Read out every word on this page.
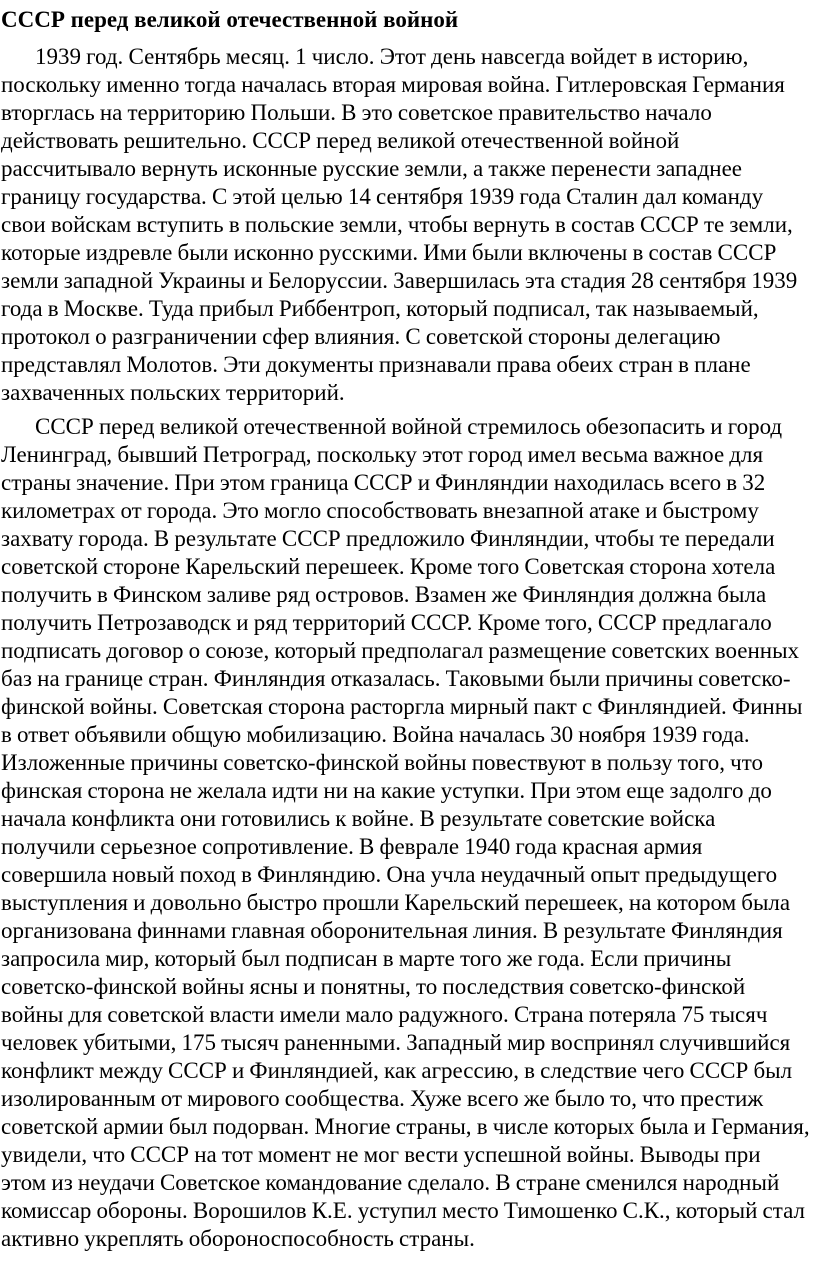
СССР перед великой отечественной войной

1939 год. Сентябрь месяц. 1 число. Этот день навсегда войдет в историю, поскольку именно тогда началась вторая мировая война. Гитлеровская Германия вторглась на территорию Польши. В это советское правительство начало действовать решительно. СССР перед великой отечественной войной рассчитывало вернуть исконные русские земли, а также перенести западнее границу государства. С этой целью 14 сентября 1939 года Сталин дал команду свои войскам вступить в польские земли, чтобы вернуть в состав СССР те земли, которые издревле были исконно русскими. Ими были включены в состав СССР земли западной Украины и Белоруссии. Завершилась эта стадия 28 сентября 1939 года в Москве. Туда прибыл Риббентроп, который подписал, так называемый, протокол о разграничении сфер влияния. С советской стороны делегацию представлял Молотов. Эти документы признавали права обеих стран в плане захваченных польских территорий.

СССР перед великой отечественной войной стремилось обезопасить и город Ленинград, бывший Петроград, поскольку этот город имел весьма важное для страны значение. При этом граница СССР и Финляндии находилась всего в 32 километрах от города. Это могло способствовать внезапной атаке и быстрому захвату города. В результате СССР предложило Финляндии, чтобы те передали советской стороне Карельский перешеек. Кроме того Советская сторона хотела получить в Финском заливе ряд островов. Взамен же Финляндия должна была получить Петрозаводск и ряд территорий СССР. Кроме того, СССР предлагало подписать договор о союзе, который предполагал размещение советских военных баз на границе стран. Финляндия отказалась. Таковыми были причины советско-финской войны. Советская сторона расторгла мирный пакт с Финляндией. Финны в ответ объявили общую мобилизацию. Война началась 30 ноября 1939 года. Изложенные причины советско-финской войны повествуют в пользу того, что финская сторона не желала идти ни на какие уступки. При этом еще задолго до начала конфликта они готовились к войне. В результате советские войска получили серьезное сопротивление. В феврале 1940 года красная армия совершила новый поход в Финляндию. Она учла неудачный опыт предыдущего выступления и довольно быстро прошли Карельский перешеек, на котором была организована финнами главная оборонительная линия. В результате Финляндия запросила мир, который был подписан в марте того же года. Если причины советско-финской войны ясны и понятны, то последствия советско-финской войны для советской власти имели мало радужного. Страна потеряла 75 тысяч человек убитыми, 175 тысяч раненными. Западный мир воспринял случившийся конфликт между СССР и Финляндией, как агрессию, в следствие чего СССР был изолированным от мирового сообщества. Хуже всего же было то, что престиж советской армии был подорван. Многие страны, в числе которых была и Германия, увидели, что СССР на тот момент не мог вести успешной войны. Выводы при этом из неудачи Советское командование сделало. В стране сменился народный комиссар обороны. Ворошилов К.Е. уступил место Тимошенко С.К., который стал активно укреплять обороноспособность страны.
